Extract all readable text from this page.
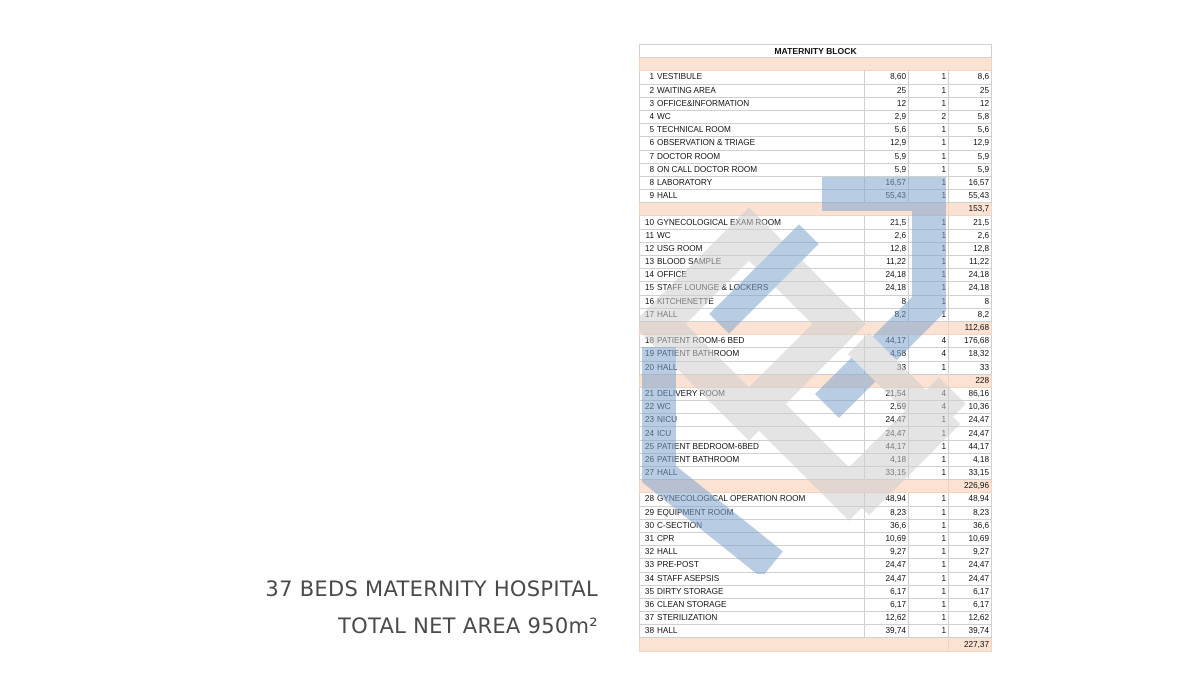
37 BEDS MATERNITY HOSPITAL
TOTAL NET AREA 950m²
MATERNITY BLOCK			

1 VESTIBULE	8,60	1	8,6
2 WAITING AREA	25	1	25
3 OFFICE&INFORMATION	12	1	12
4 WC	2,9	2	5,8
5 TECHNICAL ROOM	5,6	1	5,6
6 OBSERVATION & TRIAGE	12,9	1	12,9
7 DOCTOR ROOM	5,9	1	5,9
8 ON CALL DOCTOR ROOM	5,9	1	5,9
8 LABORATORY	16,57	1	16,57
9 HALL	55,43	1	55,43
			153,7
10 GYNECOLOGICAL EXAM ROOM	21,5	1	21,5
11 WC	2,6	1	2,6
12 USG ROOM	12,8	1	12,8
13 BLOOD SAMPLE	11,22	1	11,22
14 OFFICE	24,18	1	24,18
15 STAFF LOUNGE & LOCKERS	24,18	1	24,18
16 KITCHENETTE	8	1	8
17 HALL	8,2	1	8,2
			112,68
18 PATIENT ROOM-6 BED	44,17	4	176,68
19 PATIENT BATHROOM	4,58	4	18,32
20 HALL	33	1	33
			228
21 DELIVERY ROOM	21,54	4	86,16
22 WC	2,59	4	10,36
23 NICU	24,47	1	24,47
24 ICU	24,47	1	24,47
25 PATIENT BEDROOM-6BED	44,17	1	44,17
26 PATIENT BATHROOM	4,18	1	4,18
27 HALL	33,15	1	33,15
			226,96
28 GYNECOLOGICAL OPERATION ROOM	48,94	1	48,94
29 EQUIPMENT ROOM	8,23	1	8,23
30 C-SECTION	36,6	1	36,6
31 CPR	10,69	1	10,69
32 HALL	9,27	1	9,27
33 PRE-POST	24,47	1	24,47
34 STAFF ASEPSIS	24,47	1	24,47
35 DIRTY STORAGE	6,17	1	6,17
36 CLEAN STORAGE	6,17	1	6,17
37 STERILIZATION	12,62	1	12,62
38 HALL	39,74	1	39,74
			227,37
